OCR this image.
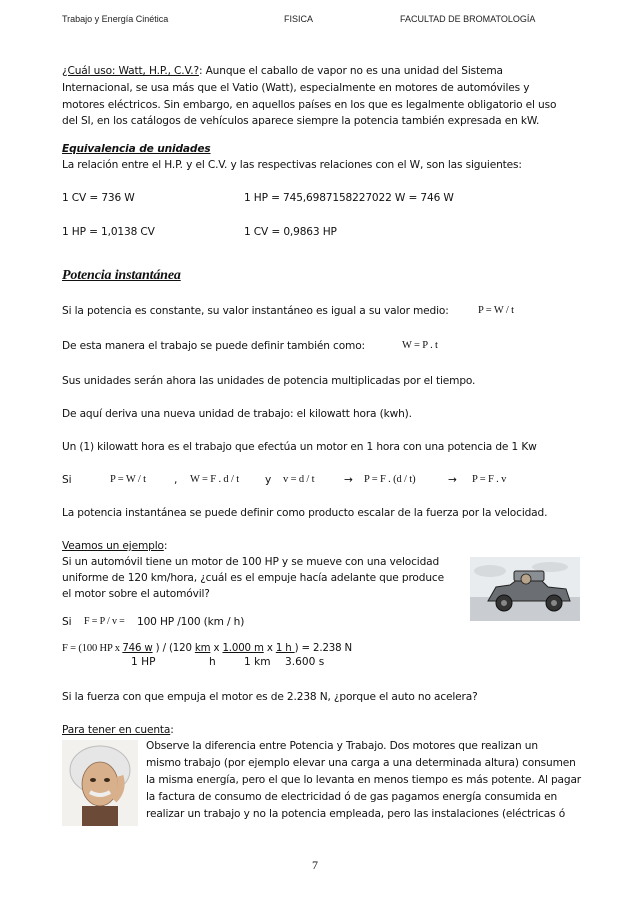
Trabajo y Energía Cinética	FISICA	FACULTAD DE BROMATOLOGÍA
¿Cuál uso: Watt, H.P., C.V.?: Aunque el caballo de vapor no es una unidad del Sistema
Internacional, se usa más que el Vatio (Watt), especialmente en motores de automóviles y
motores eléctricos. Sin embargo, en aquellos países en los que es legalmente obligatorio el uso
del SI, en los catálogos de vehículos aparece siempre la potencia también expresada en kW.
Equivalencia de unidades
La relación entre el H.P. y el C.V. y las respectivas relaciones con el W, son las siguientes:
1 CV = 736 W	1 HP = 745,6987158227022 W = 746 W
1 HP = 1,0138 CV	1 CV = 0,9863 HP
Potencia instantánea
Si la potencia es constante, su valor instantáneo es igual a su valor medio:	P = W / t
De esta manera el trabajo se puede definir también como:	W = P . t
Sus unidades serán ahora las unidades de potencia multiplicadas por el tiempo.
De aquí deriva una nueva unidad de trabajo: el kilowatt hora (kwh).
Un (1) kilowatt hora es el trabajo que efectúa un motor en 1 hora con una potencia de 1 Kw
Si	P = W / t	, W = F . d / t y v = d / t	→ P = F . (d / t)	→ P = F . v
La potencia instantánea se puede definir como producto escalar de la fuerza por la velocidad.
Veamos un ejemplo:
Si un automóvil tiene un motor de 100 HP y se mueve con una velocidad
uniforme de 120 km/hora, ¿cuál es el empuje hacía adelante que produce
el motor sobre el automóvil?
Si F = P / v = 100 HP /100 (km / h)
F = (100 HP x 746 w ) / (120 km x 1.000 m x 1 h ) = 2.238 N
1 HP	h	1 km 3.600 s
Si la fuerza con que empuja el motor es de 2.238 N, ¿porque el auto no acelera?
Para tener en cuenta:
Observe la diferencia entre Potencia y Trabajo. Dos motores que realizan un
mismo trabajo (por ejemplo elevar una carga a una determinada altura) consumen
la misma energía, pero el que lo levanta en menos tiempo es más potente. Al pagar
la factura de consumo de electricidad ó de gas pagamos energía consumida en
realizar un trabajo y no la potencia empleada, pero las instalaciones (eléctricas ó
7
